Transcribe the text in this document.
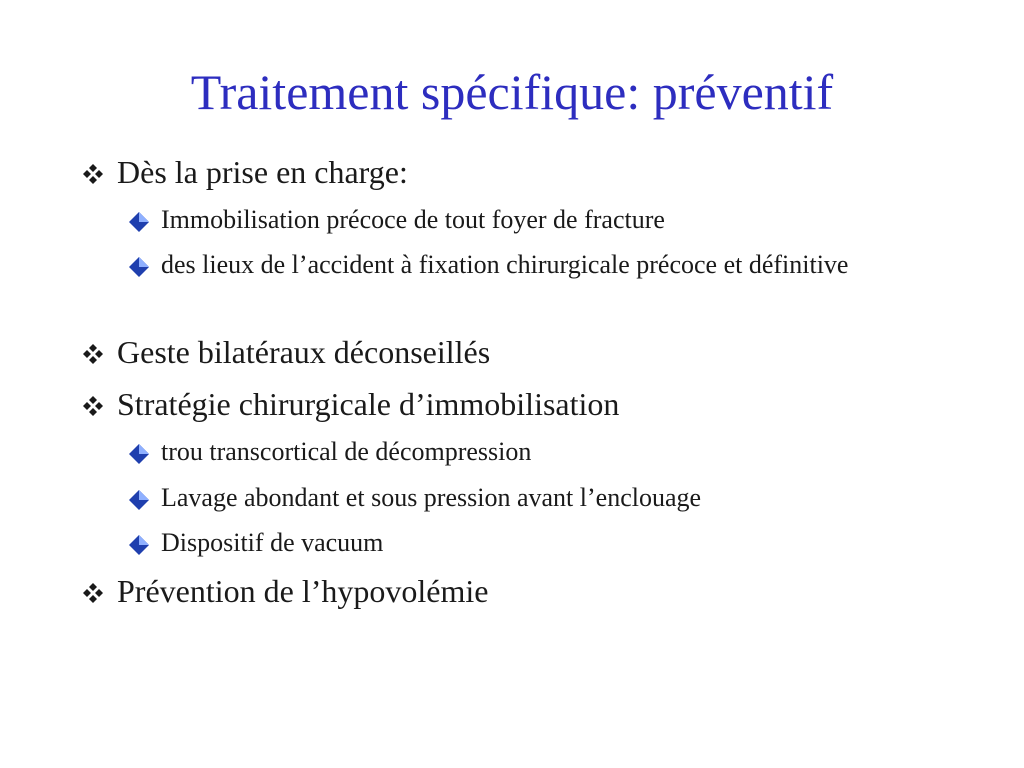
Traitement spécifique: préventif
Dès la prise en charge:
Immobilisation précoce de tout foyer de fracture
des lieux de l’accident à fixation chirurgicale précoce et définitive
Geste bilatéraux déconseillés
Stratégie chirurgicale d’immobilisation
trou transcortical de décompression
Lavage abondant et sous pression avant l’enclouage
Dispositif de vacuum
Prévention de l’hypovolémie
